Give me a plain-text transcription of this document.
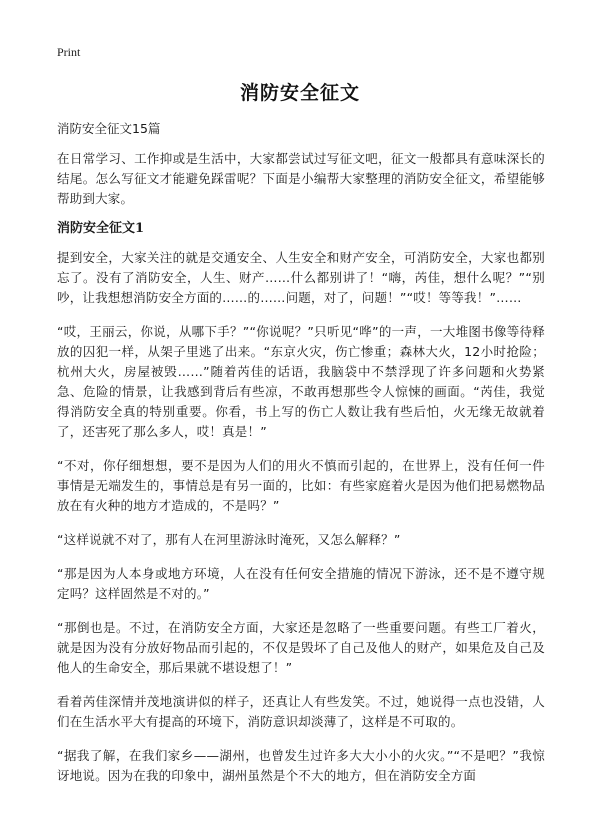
Print
消防安全征文

消防安全征文15篇

在日常学习、工作抑或是生活中，大家都尝试过写征文吧，征文一般都具有意味深长的结尾。怎么写征文才能避免踩雷呢？下面是小编帮大家整理的消防安全征文，希望能够帮助到大家。

消防安全征文1

提到安全，大家关注的就是交通安全、人生安全和财产安全，可消防安全，大家也都别忘了。没有了消防安全，人生、财产……什么都别讲了！“嗨，芮佳，想什么呢？”“别吵，让我想想消防安全方面的……的……问题，对了，问题！”“哎！等等我！”……

“哎，王丽云，你说，从哪下手？”“你说呢？”只听见“哗”的一声，一大堆图书像等待释放的囚犯一样，从架子里逃了出来。“东京火灾，伤亡惨重；森林大火，12小时抢险；杭州大火，房屋被毁……”随着芮佳的话语，我脑袋中不禁浮现了许多问题和火势紧急、危险的情景，让我感到背后有些凉，不敢再想那些令人惊悚的画面。“芮佳，我觉得消防安全真的特别重要。你看，书上写的伤亡人数让我有些后怕，火无缘无故就着了，还害死了那么多人，哎！真是！”

“不对，你仔细想想，要不是因为人们的用火不慎而引起的，在世界上，没有任何一件事情是无端发生的，事情总是有另一面的，比如：有些家庭着火是因为他们把易燃物品放在有火种的地方才造成的，不是吗？”

“这样说就不对了，那有人在河里游泳时淹死，又怎么解释？”

“那是因为人本身或地方环境，人在没有任何安全措施的情况下游泳，还不是不遵守规定吗？这样固然是不对的。”

“那倒也是。不过，在消防安全方面，大家还是忽略了一些重要问题。有些工厂着火，就是因为没有分放好物品而引起的，不仅是毁坏了自己及他人的财产，如果危及自己及他人的生命安全，那后果就不堪设想了！”

看着芮佳深情并茂地演讲似的样子，还真让人有些发笑。不过，她说得一点也没错，人们在生活水平大有提高的环境下，消防意识却淡薄了，这样是不可取的。

“据我了解，在我们家乡——湖州，也曾发生过许多大大小小的火灾。”“不是吧？”我惊讶地说。因为在我的印象中，湖州虽然是个不大的地方，但在消防安全方面
